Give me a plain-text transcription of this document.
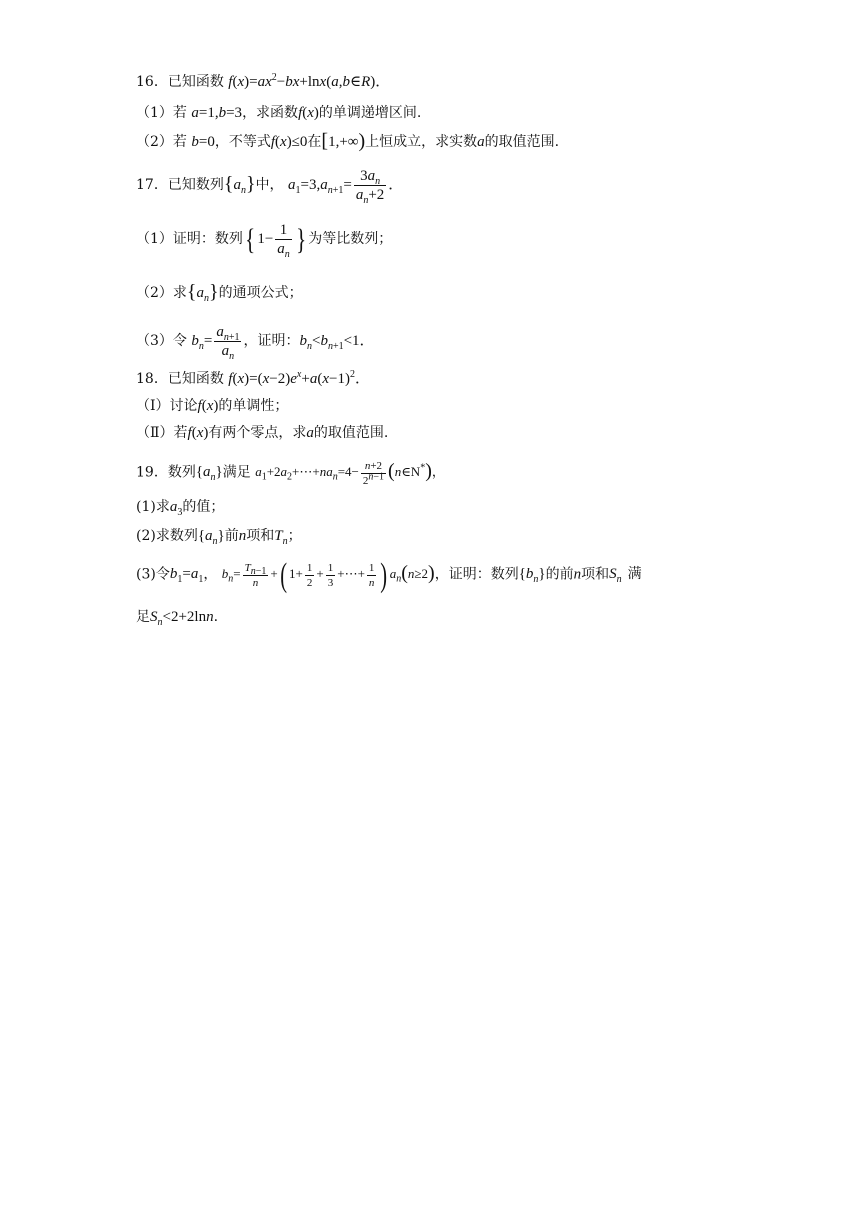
16．已知函数 $f(x)=ax^2-bx+\ln x(a,b\in R)$．
（1）若 a=1,b=3，求函数f(x)的单调递增区间.
（2）若 b=0，不等式f(x)≤0在[1,+∞)上恒成立，求实数a的取值范围.
17．已知数列$\{a_n\}$中， $a_1=3,a_{n+1}= \frac{3a_n}{a_n+2}$ ．
（1）证明：数列{ $1- \frac{1}{a_n}$ } 为等比数列；
（2）求$\{a_n\}$的通项公式；
（3）令 $b_n= \frac{a_{n+1}}{a_n}$ ，证明：$b_n<b_{n+1}<1$．
18．已知函数 $f(x)=(x-2)e^x+a(x-1)^2$．
（Ⅰ）讨论f(x)的单调性；
（Ⅱ）若f(x)有两个零点，求a的取值范围.
19．数列$\{a_n\}$满足 $a_1+2a_2+\cdots+na_n=4- \frac{n+2}{2^{n-1}}$ (n∈N*)，
(1)求$a_3$的值；
(2)求数列$\{a_n\}$前n项和$T_n$；
(3)令$b_1=a_1$， $b_n= \frac{T_{n-1}}{n}$ +( $1+ \frac{1}{2} + \frac{1}{3}$ +⋯+ $\frac{1}{n}$ ) $a_n(n\ge 2)$，证明：数列$\{b_n\}$的前n项和$S_n$ 满
足$S_n<2+2\ln n$.
